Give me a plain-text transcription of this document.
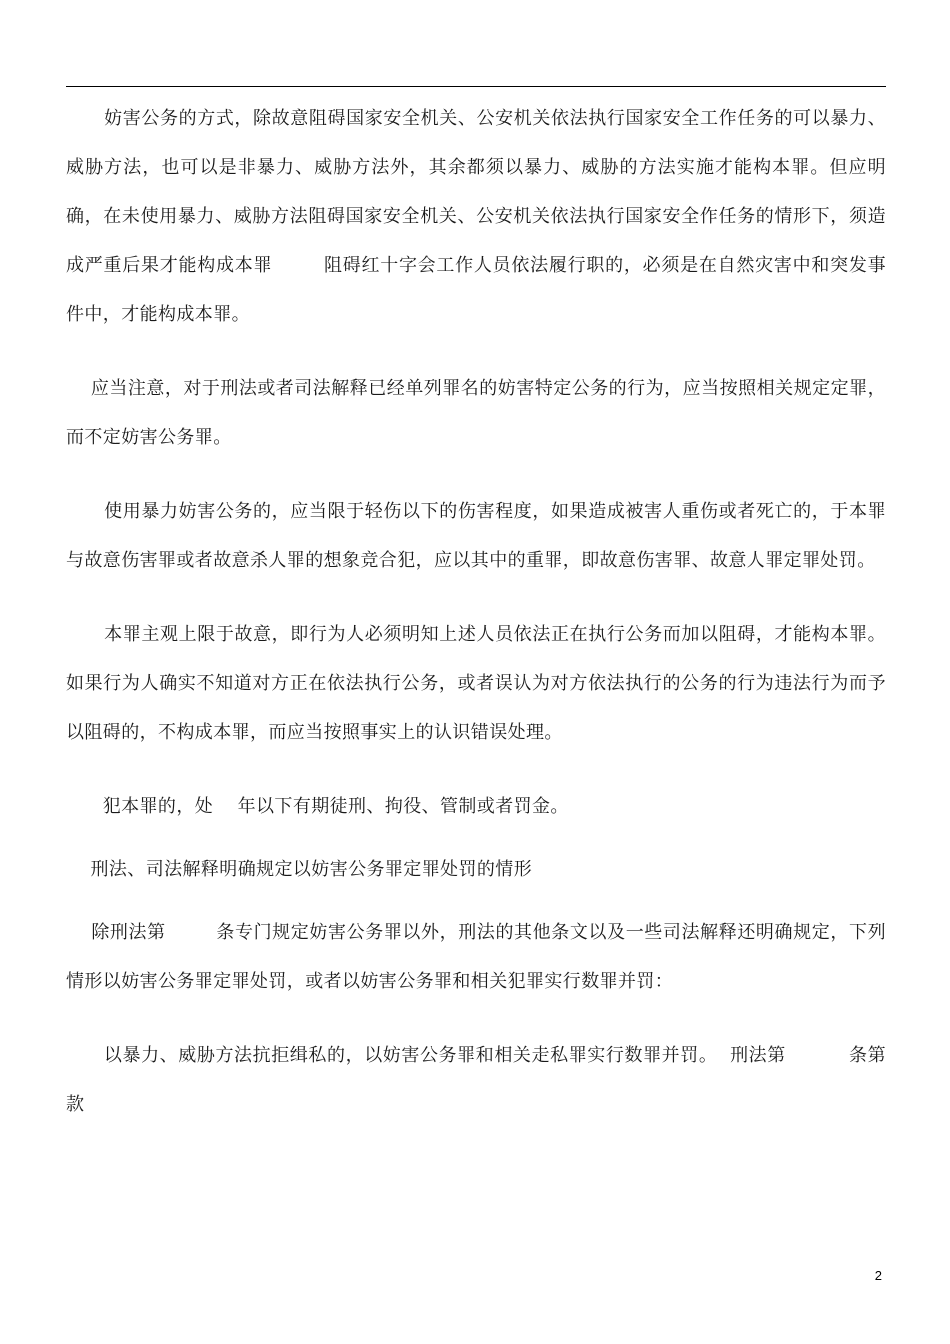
妨害公务的方式，除故意阻碍国家安全机关、公安机关依法执行国家安全工作任务的可以暴力、威胁方法，也可以是非暴力、威胁方法外，其余都须以暴力、威胁的方法实施才能构本罪。但应明确，在未使用暴力、威胁方法阻碍国家安全机关、公安机关依法执行国家安全作任务的情形下，须造成严重后果才能构成本罪        阻碍红十字会工作人员依法履行职的，必须是在自然灾害中和突发事件中，才能构成本罪。

应当注意，对于刑法或者司法解释已经单列罪名的妨害特定公务的行为，应当按照相关规定定罪，而不定妨害公务罪。

使用暴力妨害公务的，应当限于轻伤以下的伤害程度，如果造成被害人重伤或者死亡的，于本罪与故意伤害罪或者故意杀人罪的想象竞合犯，应以其中的重罪，即故意伤害罪、故意人罪定罪处罚。

本罪主观上限于故意，即行为人必须明知上述人员依法正在执行公务而加以阻碍，才能构本罪。如果行为人确实不知道对方正在依法执行公务，或者误认为对方依法执行的公务的行为违法行为而予以阻碍的，不构成本罪，而应当按照事实上的认识错误处理。

犯本罪的，处    年以下有期徒刑、拘役、管制或者罚金。

刑法、司法解释明确规定以妨害公务罪定罪处罚的情形

除刑法第        条专门规定妨害公务罪以外，刑法的其他条文以及一些司法解释还明确规定，下列情形以妨害公务罪定罪处罚，或者以妨害公务罪和相关犯罪实行数罪并罚：

以暴力、威胁方法抗拒缉私的，以妨害公务罪和相关走私罪实行数罪并罚。  刑法第          条第    款

2
